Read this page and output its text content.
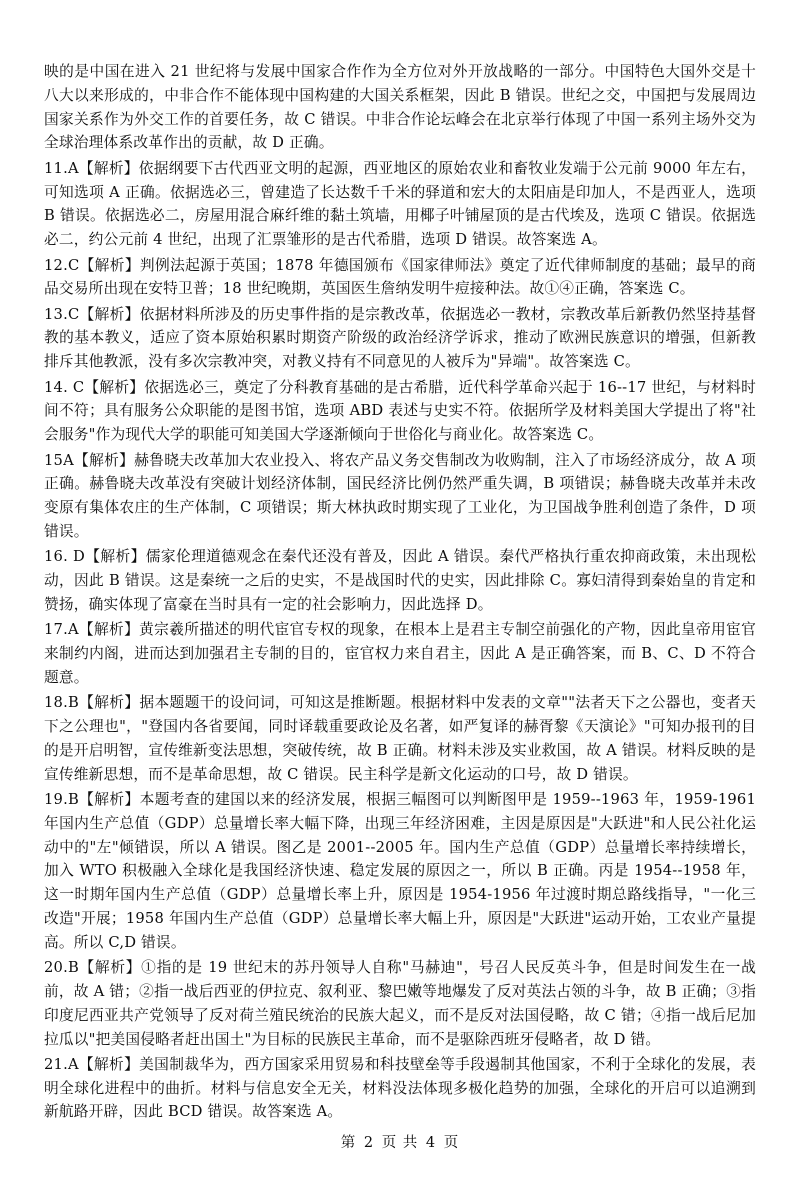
映的是中国在进入 21 世纪将与发展中国家合作作为全方位对外开放战略的一部分。中国特色大国外交是十八大以来形成的，中非合作不能体现中国构建的大国关系框架，因此 B 错误。世纪之交，中国把与发展周边国家关系作为外交工作的首要任务，故 C 错误。中非合作论坛峰会在北京举行体现了中国一系列主场外交为全球治理体系改革作出的贡献，故 D 正确。

11.A【解析】依据纲要下古代西亚文明的起源，西亚地区的原始农业和畜牧业发端于公元前 9000 年左右，可知选项 A 正确。依据选必三，曾建造了长达数千千米的驿道和宏大的太阳庙是印加人，不是西亚人，选项 B 错误。依据选必二，房屋用混合麻纤维的黏土筑墙，用椰子叶铺屋顶的是古代埃及，选项 C 错误。依据选必二，约公元前 4 世纪，出现了汇票雏形的是古代希腊，选项 D 错误。故答案选 A。

12.C【解析】判例法起源于英国；1878 年德国颁布《国家律师法》奠定了近代律师制度的基础；最早的商品交易所出现在安特卫普；18 世纪晚期，英国医生詹纳发明牛痘接种法。故①④正确，答案选 C。

13.C【解析】依据材料所涉及的历史事件指的是宗教改革，依据选必一教材，宗教改革后新教仍然坚持基督教的基本教义，适应了资本原始积累时期资产阶级的政治经济学诉求，推动了欧洲民族意识的增强，但新教排斥其他教派，没有多次宗教冲突，对教义持有不同意见的人被斥为"异端"。故答案选 C。

14. C【解析】依据选必三，奠定了分科教育基础的是古希腊，近代科学革命兴起于 16--17 世纪，与材料时间不符；具有服务公众职能的是图书馆，选项 ABD 表述与史实不符。依据所学及材料美国大学提出了将"社会服务"作为现代大学的职能可知美国大学逐渐倾向于世俗化与商业化。故答案选 C。

15A【解析】赫鲁晓夫改革加大农业投入、将农产品义务交售制改为收购制，注入了市场经济成分，故 A 项正确。赫鲁晓夫改革没有突破计划经济体制，国民经济比例仍然严重失调，B 项错误；赫鲁晓夫改革并未改变原有集体农庄的生产体制，C 项错误；斯大林执政时期实现了工业化，为卫国战争胜利创造了条件，D 项错误。

16. D【解析】儒家伦理道德观念在秦代还没有普及，因此 A 错误。秦代严格执行重农抑商政策，未出现松动，因此 B 错误。这是秦统一之后的史实，不是战国时代的史实，因此排除 C。寡妇清得到秦始皇的肯定和赞扬，确实体现了富豪在当时具有一定的社会影响力，因此选择 D。

17.A【解析】黄宗羲所描述的明代宦官专权的现象，在根本上是君主专制空前强化的产物，因此皇帝用宦官来制约内阁，进而达到加强君主专制的目的，宦官权力来自君主，因此 A 是正确答案，而 B、C、D 不符合题意。

18.B【解析】据本题题干的设问词，可知这是推断题。根据材料中发表的文章""法者天下之公器也，变者天下之公理也"，"登国内各省要闻，同时译载重要政论及名著，如严复译的赫胥黎《天演论》"可知办报刊的目的是开启明智，宣传维新变法思想，突破传统，故 B 正确。材料未涉及实业救国，故 A 错误。材料反映的是宣传维新思想，而不是革命思想，故 C 错误。民主科学是新文化运动的口号，故 D 错误。

19.B【解析】本题考查的建国以来的经济发展，根据三幅图可以判断图甲是 1959--1963 年，1959-1961 年国内生产总值（GDP）总量增长率大幅下降，出现三年经济困难，主因是原因是"大跃进"和人民公社化运动中的"左"倾错误，所以 A 错误。图乙是 2001--2005 年。国内生产总值（GDP）总量增长率持续增长，加入 WTO 积极融入全球化是我国经济快速、稳定发展的原因之一，所以 B 正确。丙是 1954--1958 年，这一时期年国内生产总值（GDP）总量增长率上升，原因是 1954-1956 年过渡时期总路线指导，"一化三改造"开展；1958 年国内生产总值（GDP）总量增长率大幅上升，原因是"大跃进"运动开始，工农业产量提高。所以 C,D 错误。

20.B【解析】①指的是 19 世纪末的苏丹领导人自称"马赫迪"，号召人民反英斗争，但是时间发生在一战前，故 A 错；②指一战后西亚的伊拉克、叙利亚、黎巴嫩等地爆发了反对英法占领的斗争，故 B 正确；③指印度尼西亚共产党领导了反对荷兰殖民统治的民族大起义，而不是反对法国侵略，故 C 错；④指一战后尼加拉瓜以"把美国侵略者赶出国土"为目标的民族民主革命，而不是驱除西班牙侵略者，故 D 错。

21.A【解析】美国制裁华为，西方国家采用贸易和科技壁垒等手段遏制其他国家，不利于全球化的发展，表明全球化进程中的曲折。材料与信息安全无关，材料没法体现多极化趋势的加强，全球化的开启可以追溯到新航路开辟，因此 BCD 错误。故答案选 A。

第 2 页 共 4 页
